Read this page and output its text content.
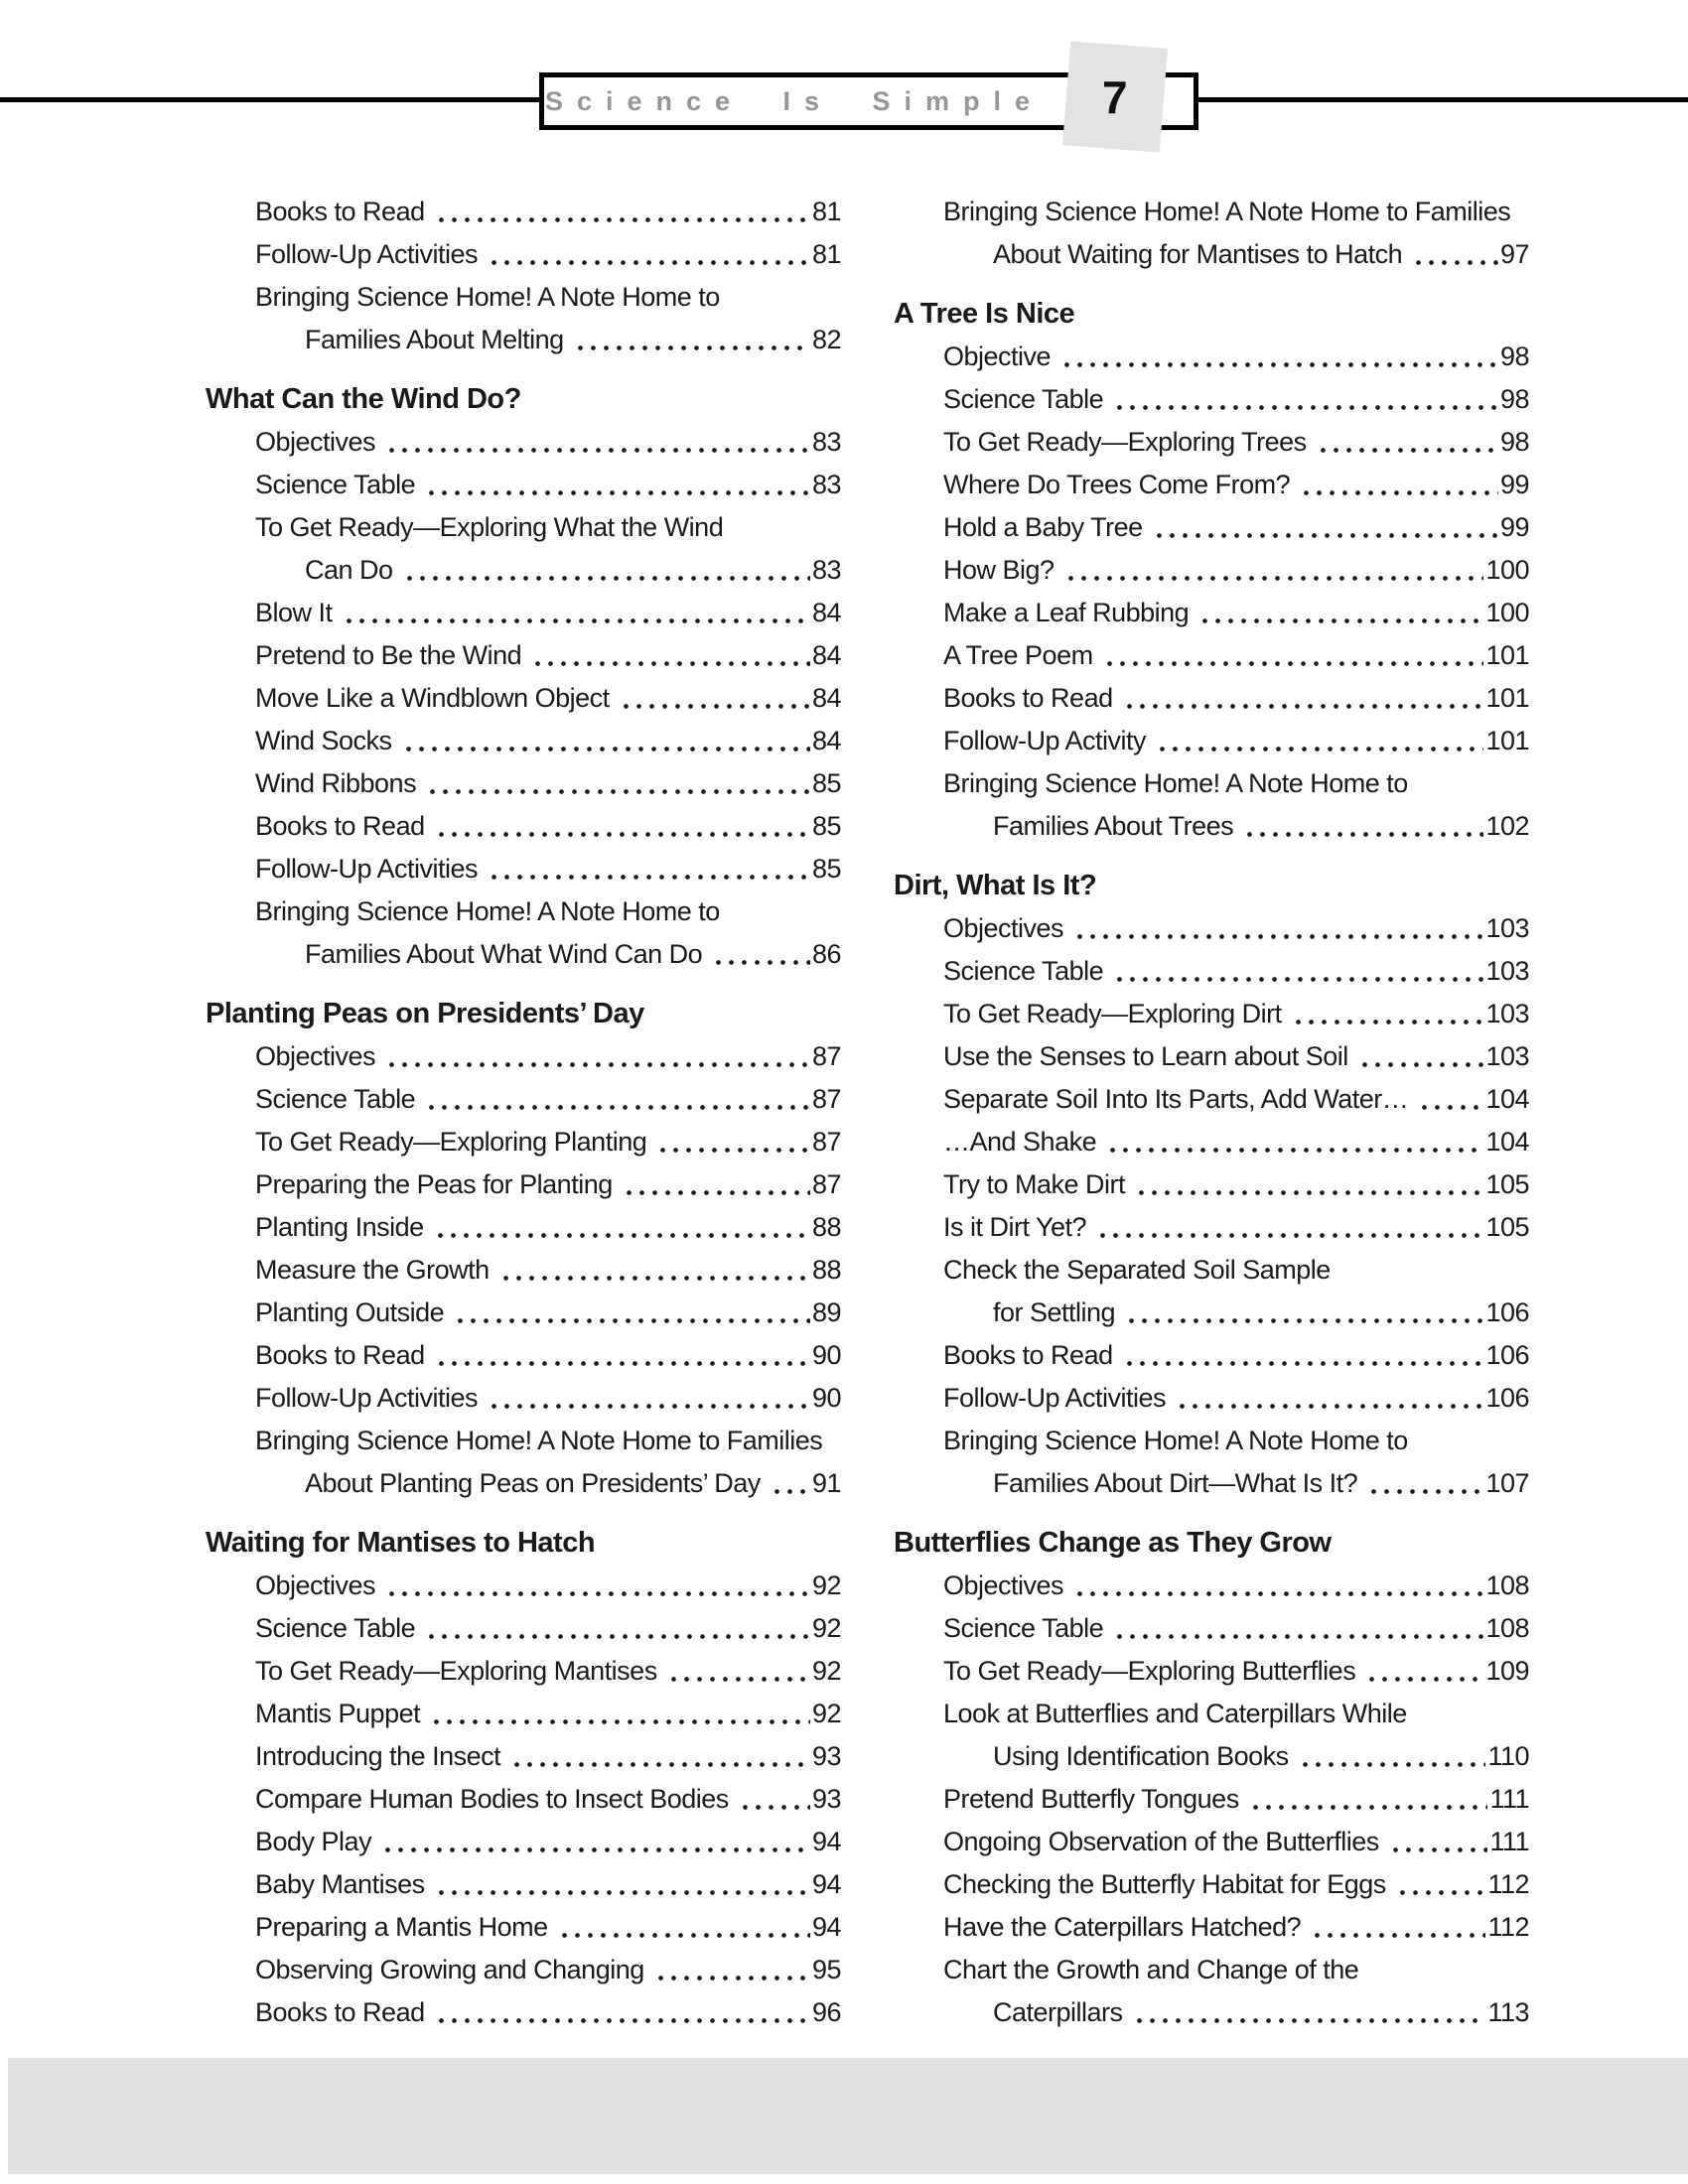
Science Is Simple 7
Books to Read	81
Follow-Up Activities	81
Bringing Science Home! A Note Home to
Families About Melting	82
What Can the Wind Do?
Objectives	83
Science Table	83
To Get Ready—Exploring What the Wind
Can Do	83
Blow It	84
Pretend to Be the Wind	84
Move Like a Windblown Object	84
Wind Socks	84
Wind Ribbons	85
Books to Read	85
Follow-Up Activities	85
Bringing Science Home! A Note Home to
Families About What Wind Can Do	86
Planting Peas on Presidents’ Day
Objectives	87
Science Table	87
To Get Ready—Exploring Planting	87
Preparing the Peas for Planting	87
Planting Inside	88
Measure the Growth	88
Planting Outside	89
Books to Read	90
Follow-Up Activities	90
Bringing Science Home! A Note Home to Families
About Planting Peas on Presidents’ Day 91
Waiting for Mantises to Hatch
Objectives	92
Science Table	92
To Get Ready—Exploring Mantises	92
Mantis Puppet	92
Introducing the Insect	93
Compare Human Bodies to Insect Bodies	93
Body Play	94
Baby Mantises	94
Preparing a Mantis Home	94
Observing Growing and Changing	95
Books to Read	96
Bringing Science Home! A Note Home to Families
About Waiting for Mantises to Hatch	97
A Tree Is Nice
Objective	98
Science Table	98
To Get Ready—Exploring Trees	98
Where Do Trees Come From?	99
Hold a Baby Tree	99
How Big?	100
Make a Leaf Rubbing	100
A Tree Poem	101
Books to Read	101
Follow-Up Activity	101
Bringing Science Home! A Note Home to
Families About Trees	102
Dirt, What Is It?
Objectives	103
Science Table	103
To Get Ready—Exploring Dirt	103
Use the Senses to Learn about Soil	103
Separate Soil Into Its Parts, Add Water…	104
…And Shake	104
Try to Make Dirt	105
Is it Dirt Yet?	105
Check the Separated Soil Sample
for Settling	106
Books to Read	106
Follow-Up Activities	106
Bringing Science Home! A Note Home to
Families About Dirt—What Is It?	107
Butterflies Change as They Grow
Objectives	108
Science Table	108
To Get Ready—Exploring Butterflies	109
Look at Butterflies and Caterpillars While
Using Identification Books	110
Pretend Butterfly Tongues	111
Ongoing Observation of the Butterflies	111
Checking the Butterfly Habitat for Eggs	112
Have the Caterpillars Hatched?	112
Chart the Growth and Change of the
Caterpillars	113
